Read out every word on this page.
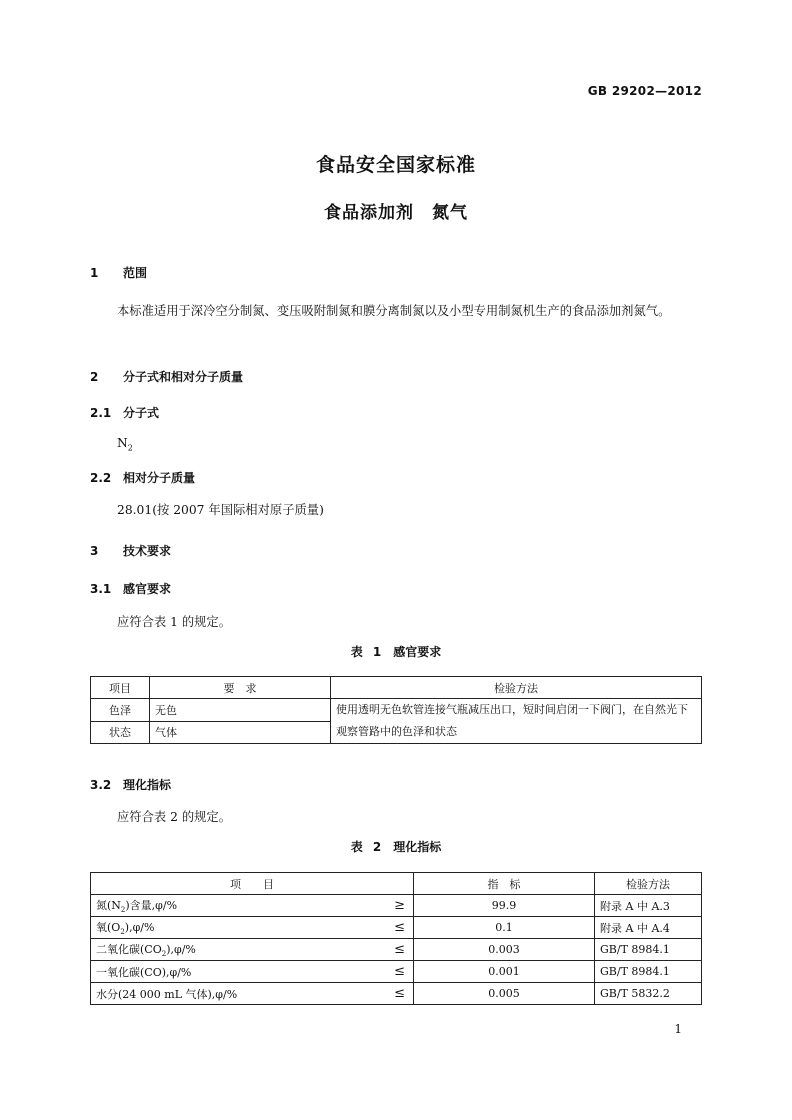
GB 29202—2012
食品安全国家标准
食品添加剂　氮气
1 范围
本标准适用于深冷空分制氮、变压吸附制氮和膜分离制氮以及小型专用制氮机生产的食品添加剂氮气。
2 分子式和相对分子质量
2.1 分子式
$N_2$
2.2 相对分子质量
28.01(按 2007 年国际相对原子质量)
3 技术要求
3.1 感官要求
应符合表 1 的规定。
表 1　感官要求
项目	要　求	检验方法
色泽	无色	使用透明无色软管连接气瓶减压出口，短时间启闭一下阀门，在自然光下观察管路中的色泽和状态
状态	气体	
3.2 理化指标
应符合表 2 的规定。
表 2　理化指标
项　　目		指　标	检验方法
氮$(N_2)$含量,φ/%	≥	99.9	附录 A 中 A.3
氧$(O_2),\varphi/\%$	≤	0.1	附录 A 中 A.4
二氧化碳$(CO_2),\varphi/\%$	≤	0.003	GB/T 8984.1
一氧化碳(CO),φ/%	≤	0.001	GB/T 8984.1
水分(24 000 mL 气体),φ/%	≤	0.005	GB/T 5832.2
1
